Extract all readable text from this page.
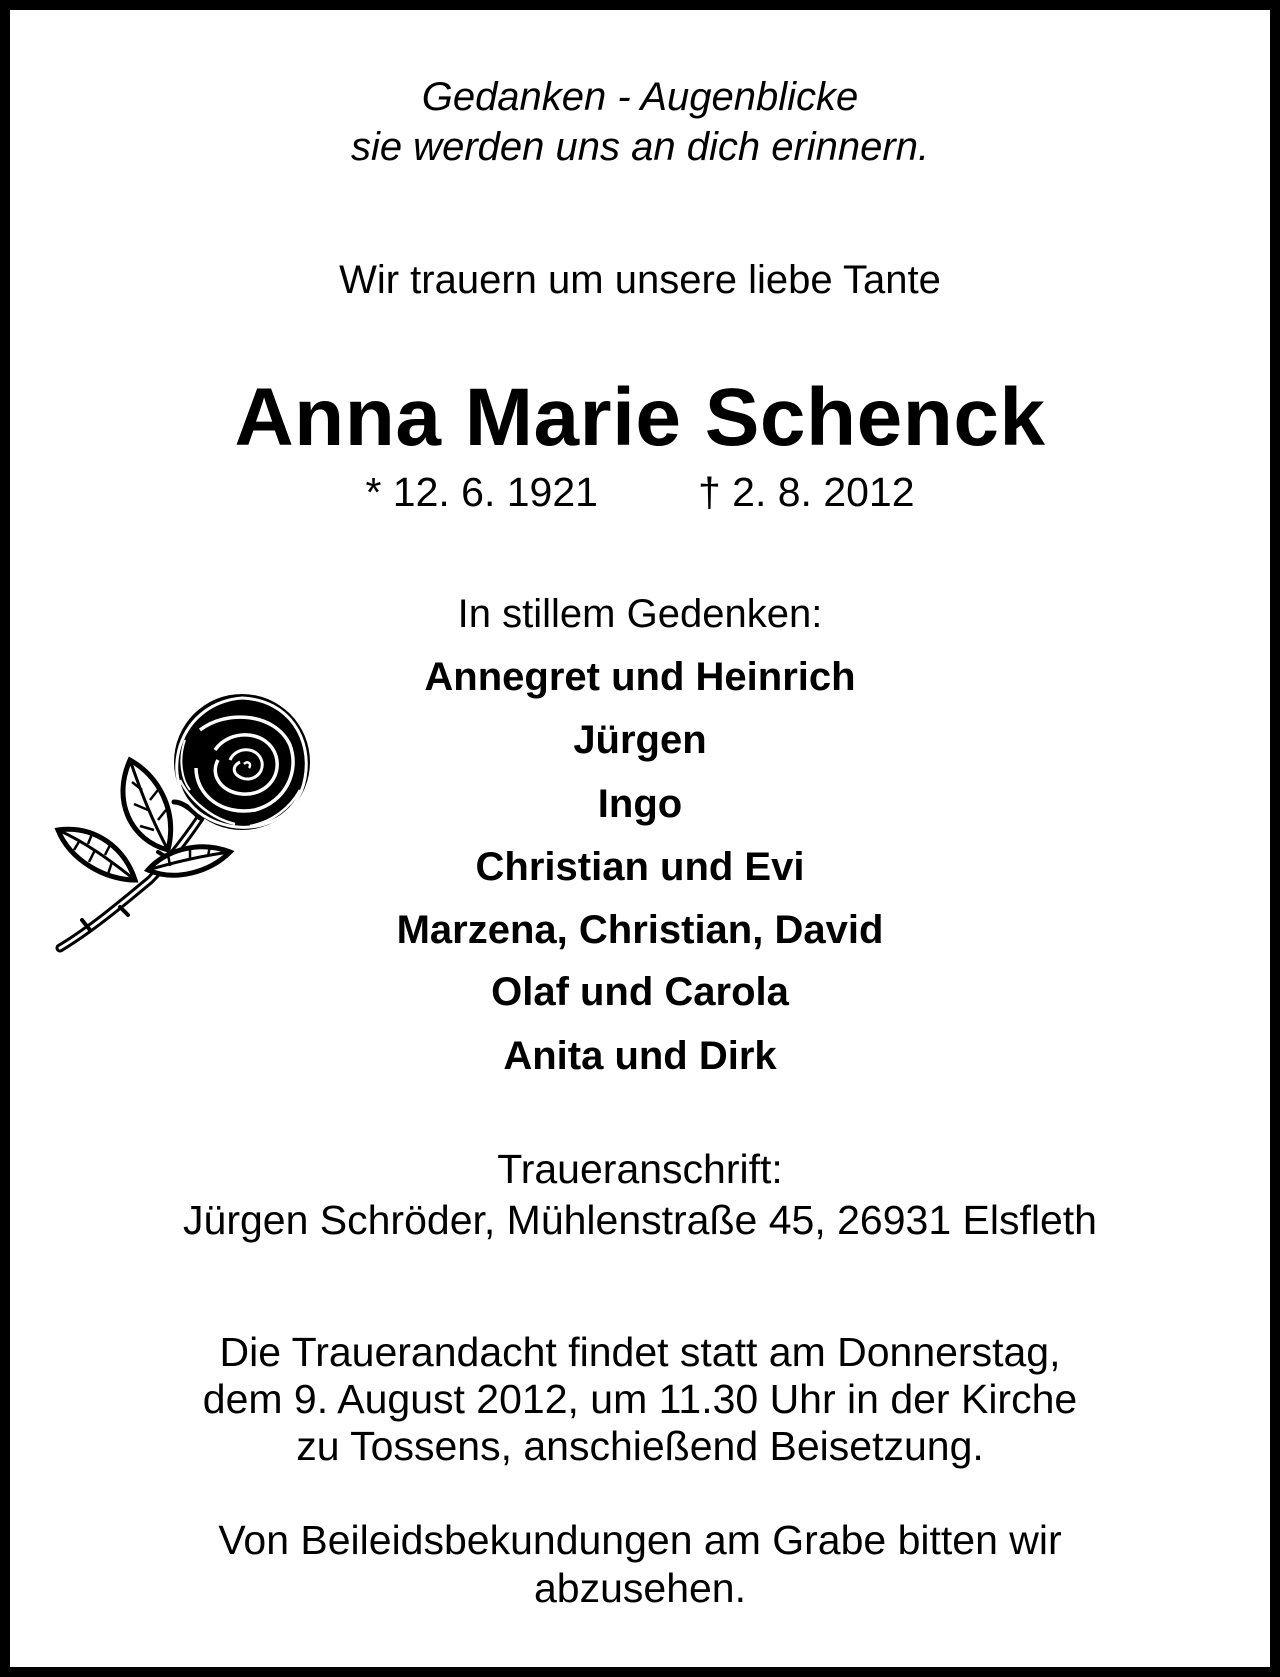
Gedanken - Augenblicke
sie werden uns an dich erinnern.
Wir trauern um unsere liebe Tante
Anna Marie Schenck
* 12. 6. 1921 † 2. 8. 2012
In stillem Gedenken:
Annegret und Heinrich
Jürgen
Ingo
Christian und Evi
Marzena, Christian, David
Olaf und Carola
Anita und Dirk
Traueranschrift:
Jürgen Schröder, Mühlenstraße 45, 26931 Elsfleth
Die Trauerandacht findet statt am Donnerstag,
dem 9. August 2012, um 11.30 Uhr in der Kirche
zu Tossens, anschießend Beisetzung.
Von Beileidsbekundungen am Grabe bitten wir
abzusehen.
